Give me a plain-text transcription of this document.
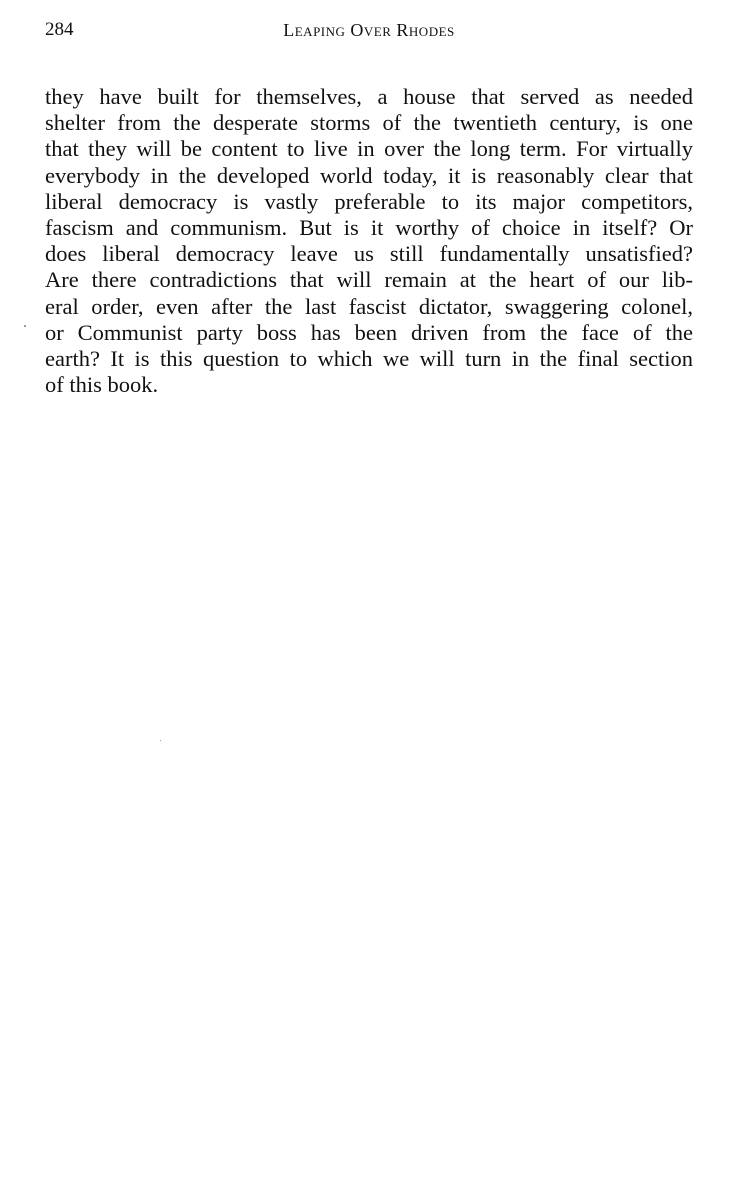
284	Leaping Over Rhodes
they have built for themselves, a house that served as needed
shelter from the desperate storms of the twentieth century, is one
that they will be content to live in over the long term. For virtually
everybody in the developed world today, it is reasonably clear that
liberal democracy is vastly preferable to its major competitors,
fascism and communism. But is it worthy of choice in itself? Or
does liberal democracy leave us still fundamentally unsatisfied?
Are there contradictions that will remain at the heart of our lib-
eral order, even after the last fascist dictator, swaggering colonel,
or Communist party boss has been driven from the face of the
earth? It is this question to which we will turn in the final section
of this book.
